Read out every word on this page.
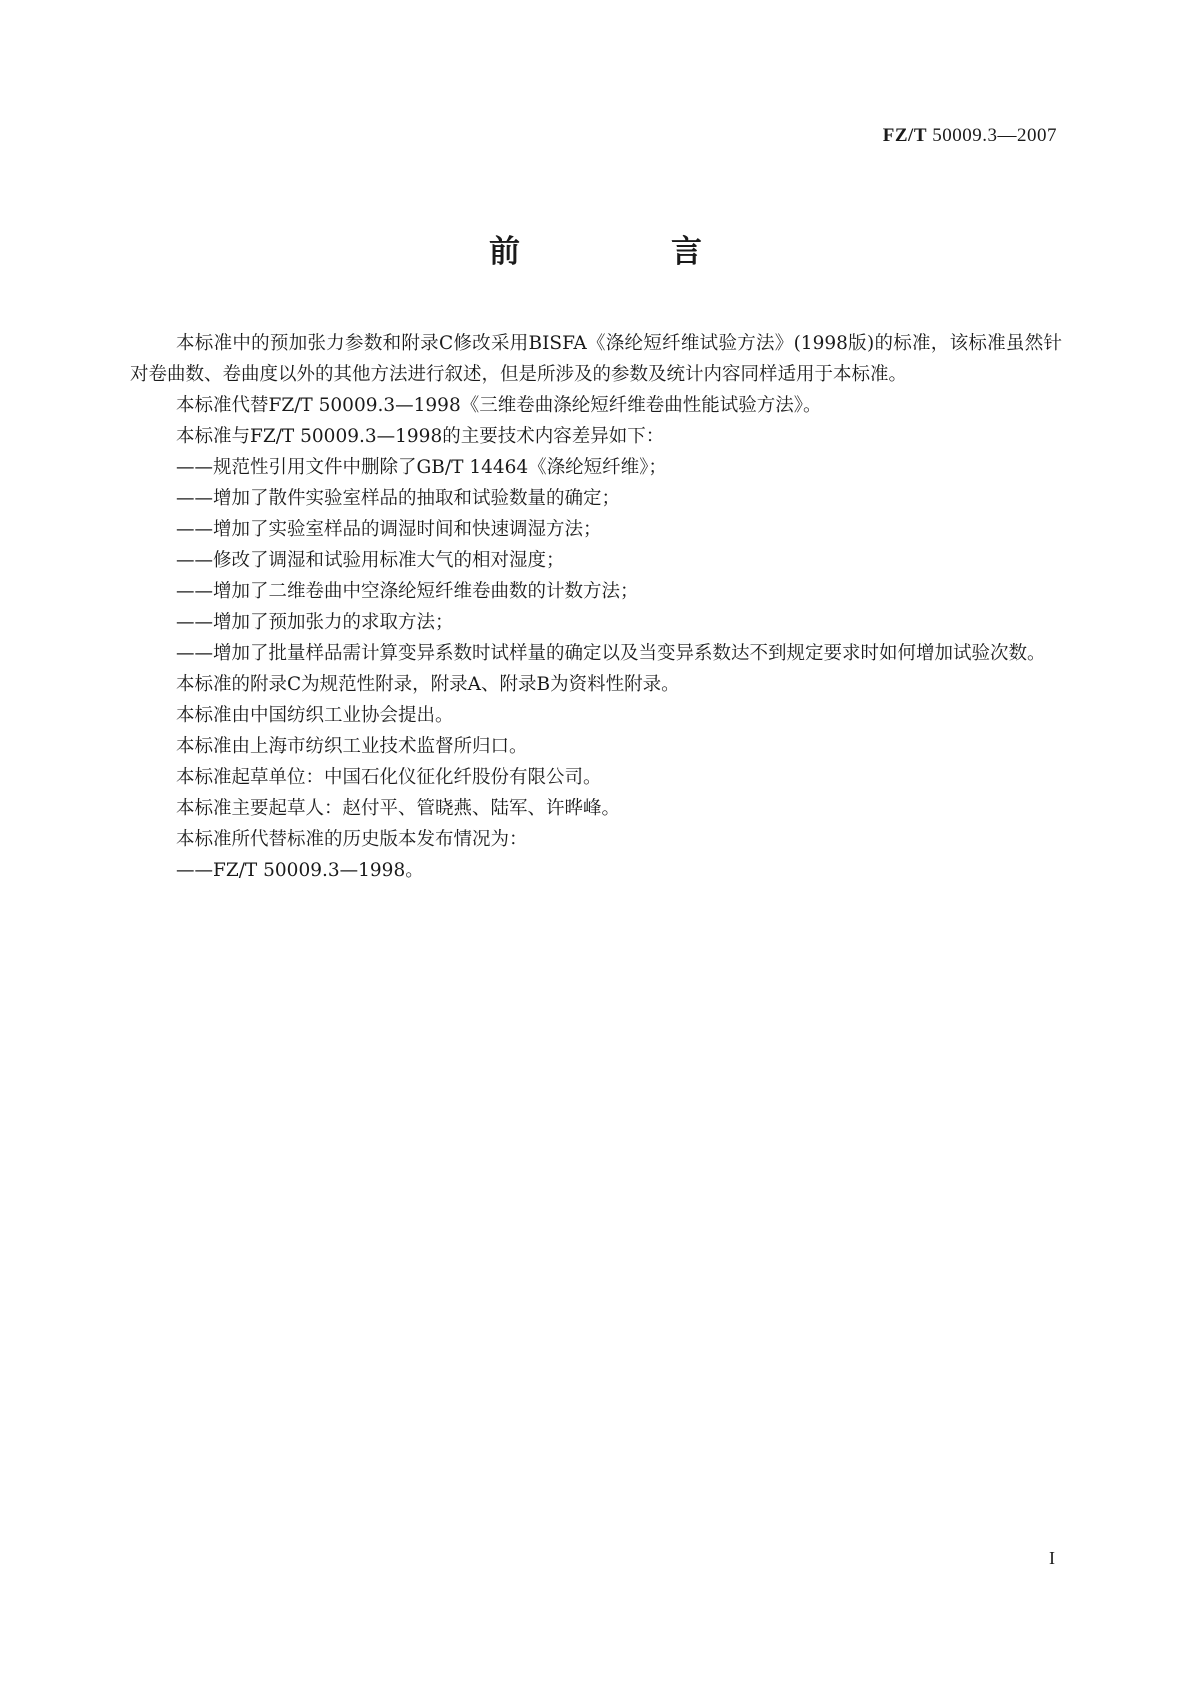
FZ/T 50009.3—2007
前　言

本标准中的预加张力参数和附录C修改采用BISFA《涤纶短纤维试验方法》(1998版)的标准，该标准虽然针对卷曲数、卷曲度以外的其他方法进行叙述，但是所涉及的参数及统计内容同样适用于本标准。

本标准代替FZ/T 50009.3—1998《三维卷曲涤纶短纤维卷曲性能试验方法》。

本标准与FZ/T 50009.3—1998的主要技术内容差异如下：

——规范性引用文件中删除了GB/T 14464《涤纶短纤维》；

——增加了散件实验室样品的抽取和试验数量的确定；

——增加了实验室样品的调湿时间和快速调湿方法；

——修改了调湿和试验用标准大气的相对湿度；

——增加了二维卷曲中空涤纶短纤维卷曲数的计数方法；

——增加了预加张力的求取方法；

——增加了批量样品需计算变异系数时试样量的确定以及当变异系数达不到规定要求时如何增加试验次数。

本标准的附录C为规范性附录，附录A、附录B为资料性附录。

本标准由中国纺织工业协会提出。

本标准由上海市纺织工业技术监督所归口。

本标准起草单位：中国石化仪征化纤股份有限公司。

本标准主要起草人：赵付平、管晓燕、陆军、许晔峰。

本标准所代替标准的历史版本发布情况为：

——FZ/T 50009.3—1998。

I
